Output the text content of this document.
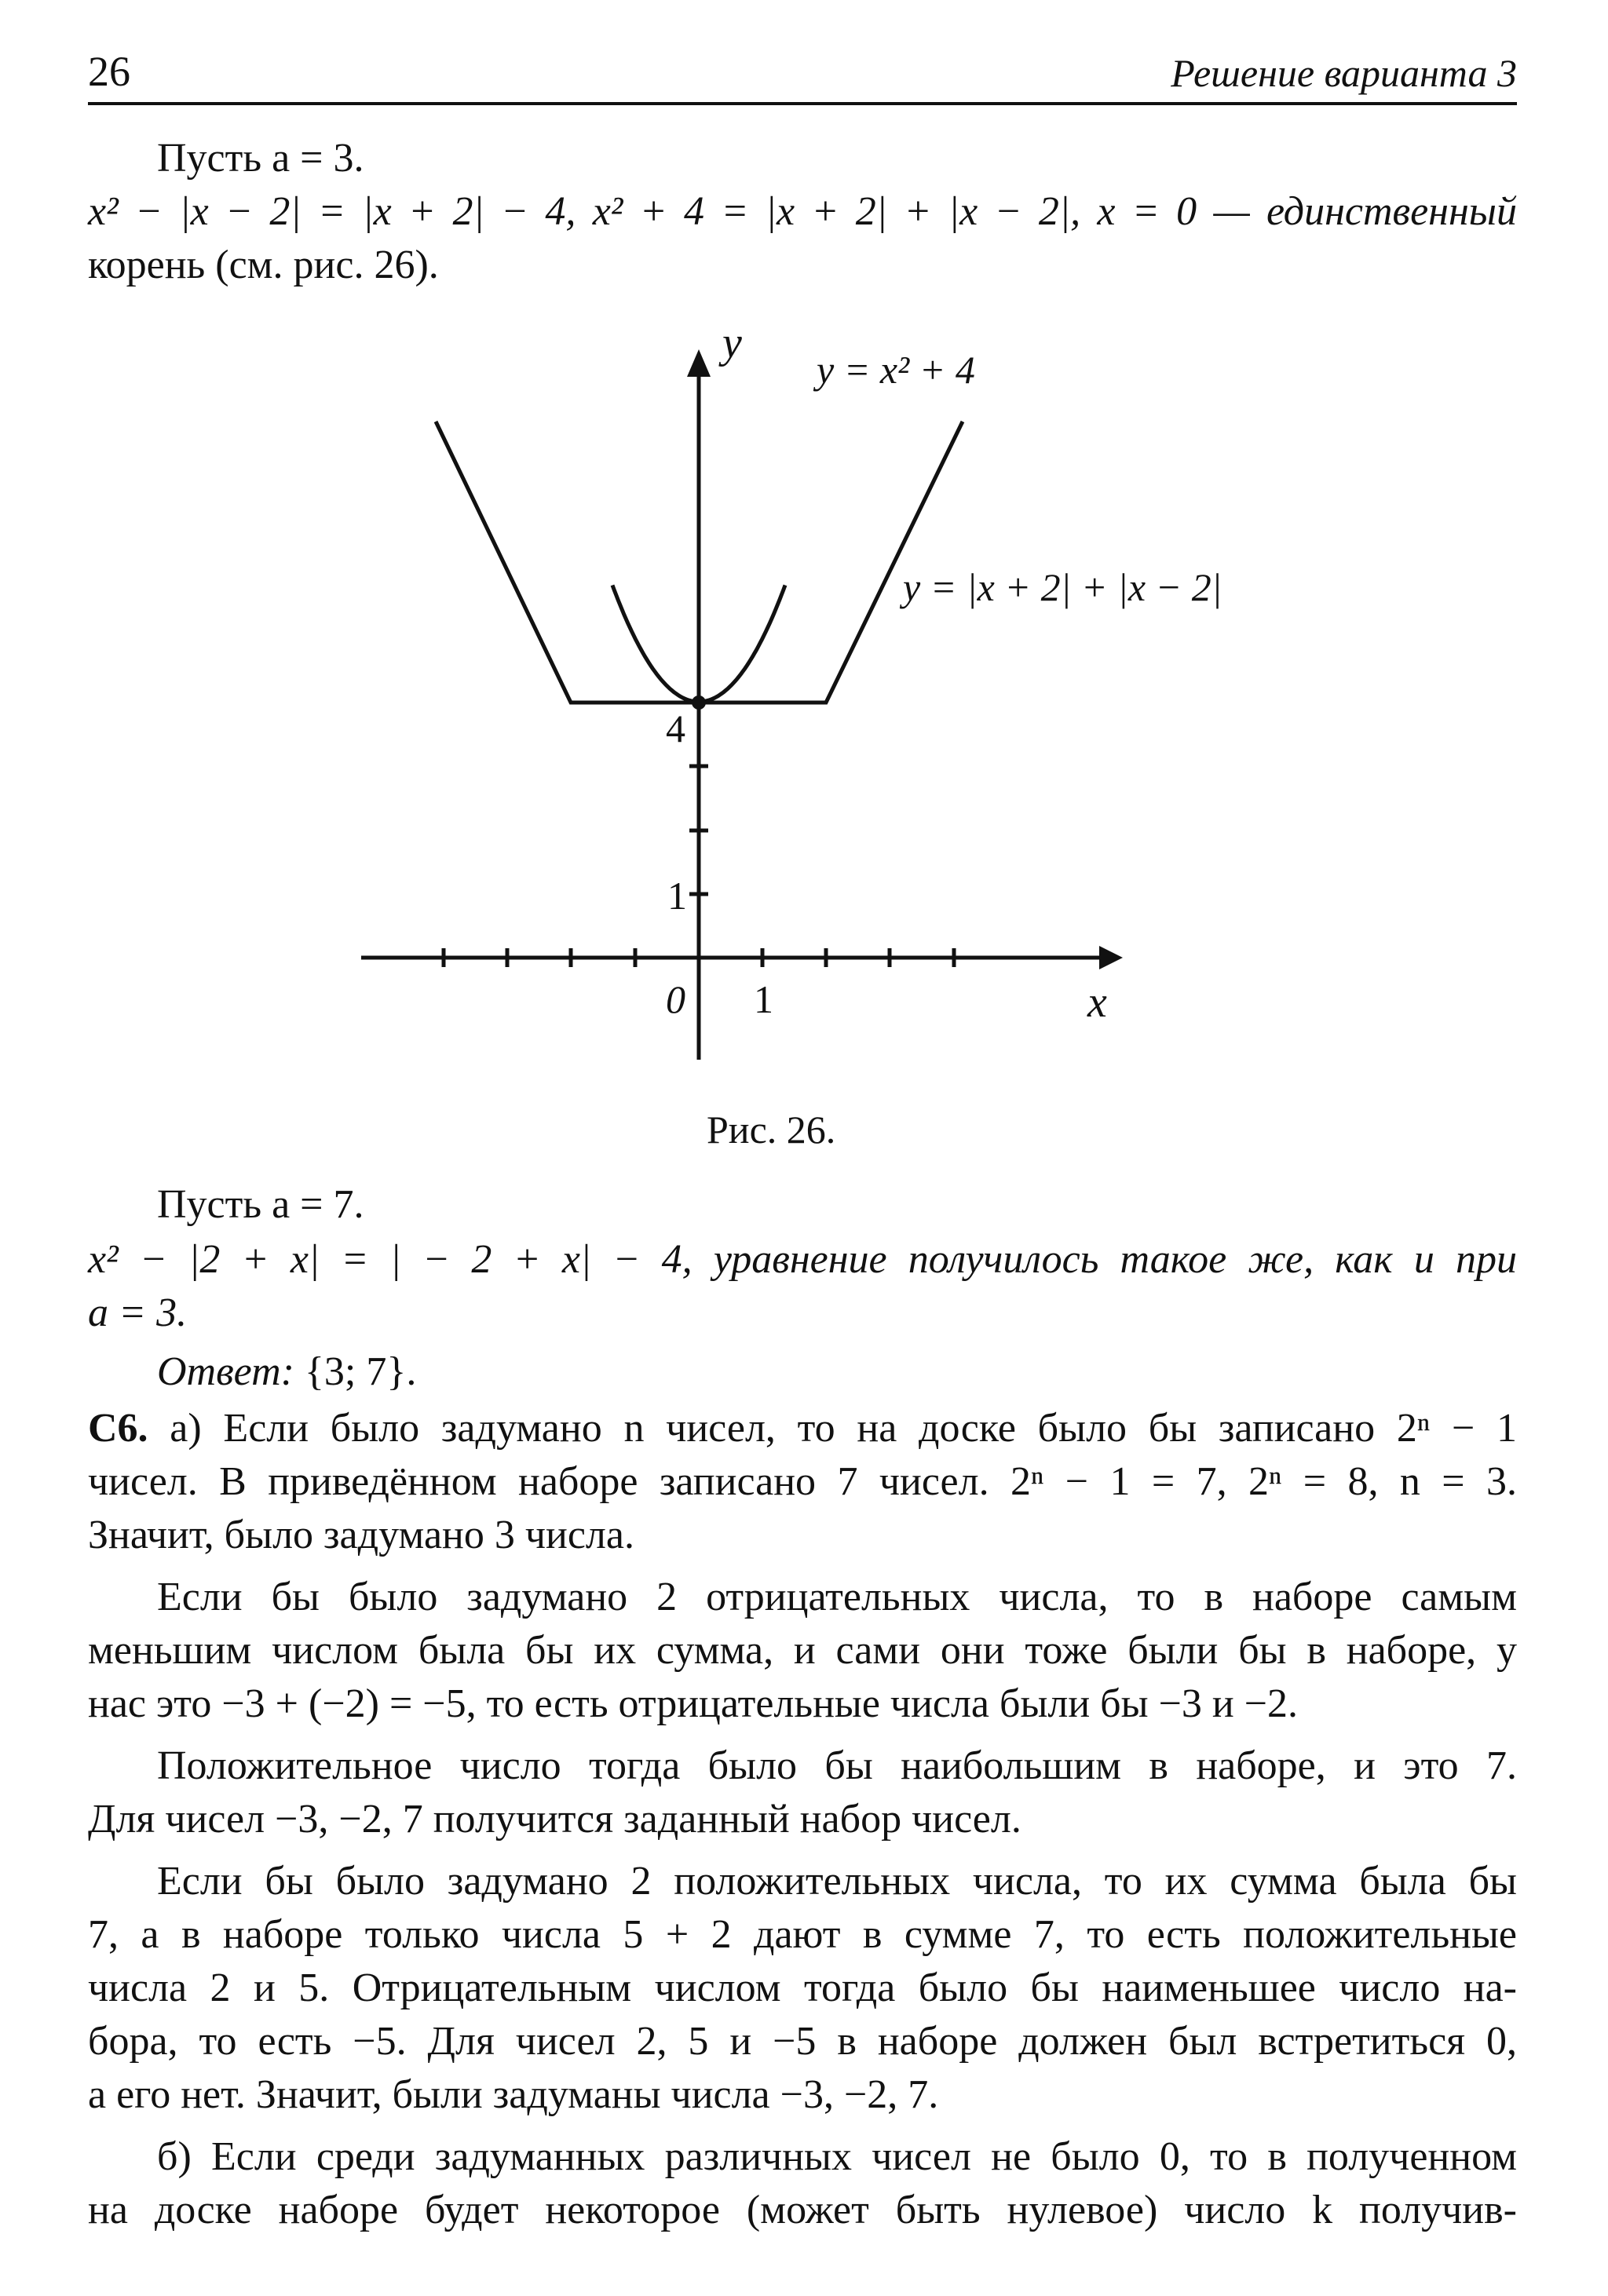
26	Решение варианта 3
Пусть a = 3.
x² − |x − 2| = |x + 2| − 4, x² + 4 = |x + 2| + |x − 2|, x = 0 — единственный
корень (см. рис. 26).
y
x
0 1
1
4
y = x² + 4
y = |x + 2| + |x − 2|
Рис. 26.
Пусть a = 7.
x² − |2 + x| = | − 2 + x| − 4, уравнение получилось такое же, как и при
a = 3.
Ответ: {3; 7}.
C6. а) Если было задумано n чисел, то на доске было бы записано 2ⁿ − 1
чисел. В приведённом наборе записано 7 чисел. 2ⁿ − 1 = 7, 2ⁿ = 8, n = 3.
Значит, было задумано 3 числа.
Если бы было задумано 2 отрицательных числа, то в наборе самым
меньшим числом была бы их сумма, и сами они тоже были бы в наборе, у
нас это −3 + (−2) = −5, то есть отрицательные числа были бы −3 и −2.
Положительное число тогда было бы наибольшим в наборе, и это 7.
Для чисел −3, −2, 7 получится заданный набор чисел.
Если бы было задумано 2 положительных числа, то их сумма была бы
7, а в наборе только числа 5 + 2 дают в сумме 7, то есть положительные
числа 2 и 5. Отрицательным числом тогда было бы наименьшее число на-
бора, то есть −5. Для чисел 2, 5 и −5 в наборе должен был встретиться 0,
а его нет. Значит, были задуманы числа −3, −2, 7.
б) Если среди задуманных различных чисел не было 0, то в полученном
на доске наборе будет некоторое (может быть нулевое) число k получив-
